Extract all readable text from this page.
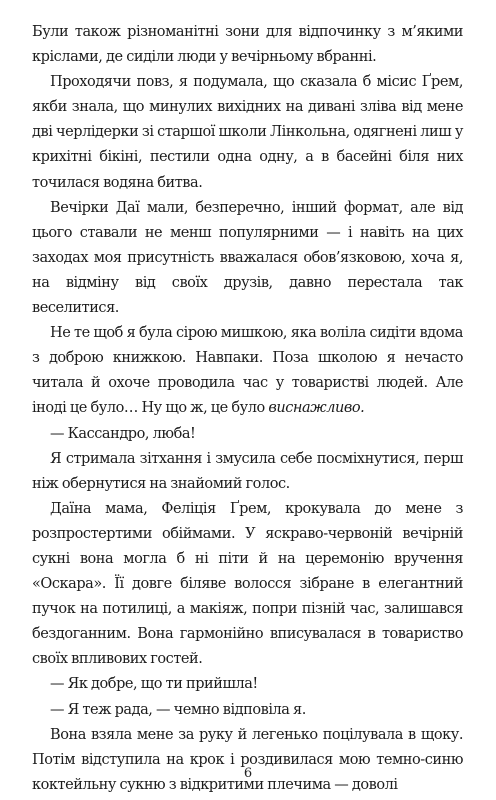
Були також різноманітні зони для відпочинку з м’якими кріслами, де сиділи люди у вечірньому вбранні.

Проходячи повз, я подумала, що сказала б місис Ґрем, якби знала, що минулих вихідних на дивані зліва від мене дві черлідерки зі старшої школи Лінкольна, одягнені лиш у крихітні бікіні, пестили одна одну, а в басейні біля них точилася водяна битва.

Вечірки Даї мали, безперечно, інший формат, але від цього ставали не менш популярними — і навіть на цих заходах моя присутність вважалася обов’язковою, хоча я, на відміну від своїх друзів, давно перестала так веселитися.

Не те щоб я була сірою мишкою, яка воліла сидіти вдома з доброю книжкою. Навпаки. Поза школою я нечасто читала й охоче проводила час у товаристві людей. Але іноді це було… Ну що ж, це було виснажливо.

— Кассандро, люба!

Я стримала зітхання і змусила себе посміхнутися, перш ніж обернутися на знайомий голос.

Даїна мама, Феліція Ґрем, крокувала до мене з розпростертими обіймами. У яскраво-червоній вечірній сукні вона могла б ні піти й на церемонію вручення «Оскара». Її довге біляве волосся зібране в елегантний пучок на потилиці, а макіяж, попри пізній час, залишався бездоганним. Вона гармонійно вписувалася в товариство своїх впливових гостей.

— Як добре, що ти прийшла!

— Я теж рада, — чемно відповіла я.

Вона взяла мене за руку й легенько поцілувала в щоку. Потім відступила на крок і роздивилася мою темно-синю коктейльну сукню з відкритими плечима — доволі

6
